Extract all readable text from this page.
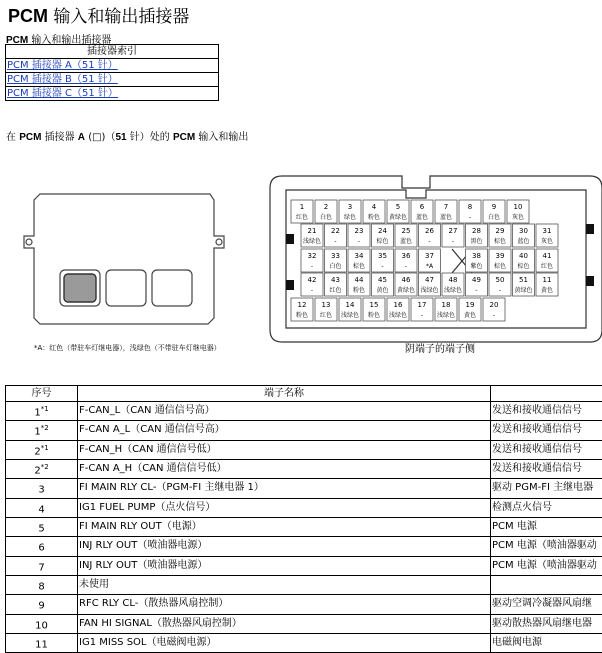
PCM 输入和输出插接器
PCM 输入和输出插接器
插接器索引
PCM 插接器 A（51 针）
PCM 插接器 B（51 针）
PCM 插接器 C（51 针）
在 PCM 插接器 A (□)（51 针）处的 PCM 输入和输出
*A：红色（带驻车灯继电器），浅绿色（不带驻车灯继电器）
1
红色
2
白色
3
绿色
4
粉色
5
黄绿色
6
蓝色
7
蓝色
8
-
9
白色
10
灰色
21
浅绿色
22
-
23
-
24
棕色
25
蓝色
26
-
27
-
28
黑色
29
棕色
30
蓝色
31
灰色
32
-
33
白色
34
棕色
35
-
36
-
37
*A
38
紫色
39
棕色
40
棕色
41
红色
42
-
43
红色
44
粉色
45
黄色
46
黄绿色
47
浅绿色
48
浅绿色
49
-
50
-
51
黄绿色
11
黄色
12
粉色
13
红色
14
浅绿色
15
粉色
16
浅绿色
17
-
18
浅绿色
19
黄色
20
-
阴端子的端子侧
序号	端子名称	
1$^{*1}$	F-CAN_L（CAN 通信信号高）	发送和接收通信信号
1$^{*2}$	F-CAN A_L（CAN 通信信号高）	发送和接收通信信号
2$^{*1}$	F-CAN_H（CAN 通信信号低）	发送和接收通信信号
2$^{*2}$	F-CAN A_H（CAN 通信信号低）	发送和接收通信信号
3	FI MAIN RLY CL-（PGM-FI 主继电器 1）	驱动 PGM-FI 主继电器
4	IG1 FUEL PUMP（点火信号）	检测点火信号
5	FI MAIN RLY OUT（电源）	PCM 电源
6	INJ RLY OUT（喷油器电源）	PCM 电源（喷油器驱动
7	INJ RLY OUT（喷油器电源）	PCM 电源（喷油器驱动
8	未使用	
9	RFC RLY CL-（散热器风扇控制）	驱动空调冷凝器风扇继
10	FAN HI SIGNAL（散热器风扇控制）	驱动散热器风扇继电器
11	IG1 MISS SOL（电磁阀电源）	电磁阀电源
